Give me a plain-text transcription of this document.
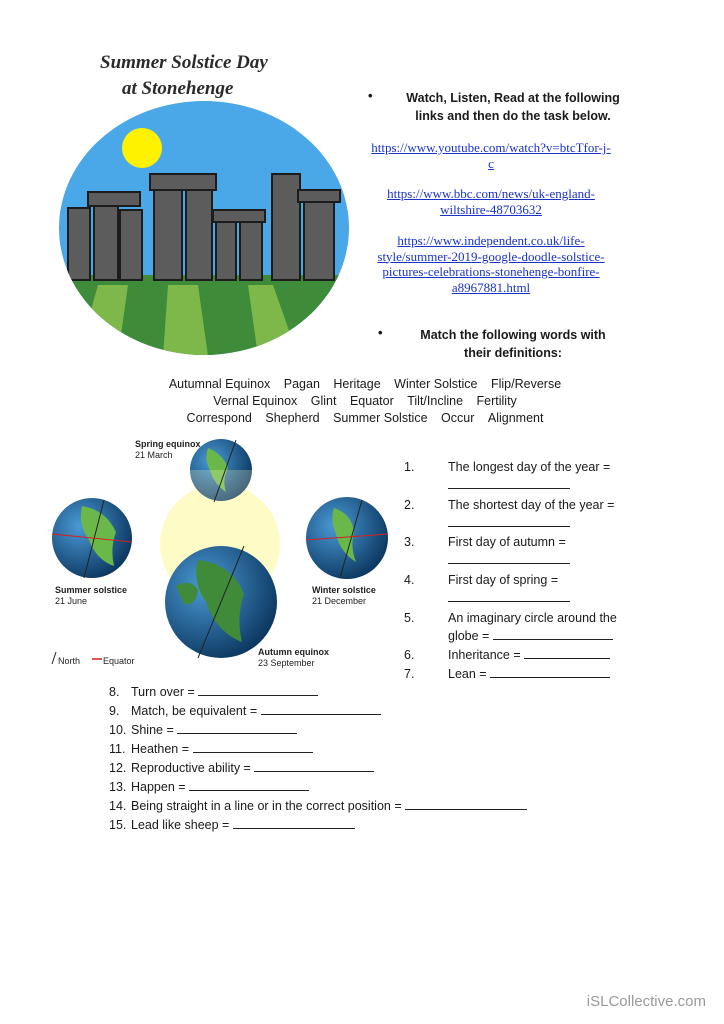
Summer Solstice Day
at Stonehenge	•	Watch, Listen, Read at the following
links and then do the task below.
https://www.youtube.com/watch?v=btcTfor-j-
c
https://www.bbc.com/news/uk-england-
wiltshire-48703632
https://www.independent.co.uk/life-
style/summer-2019-google-doodle-solstice-
pictures-celebrations-stonehenge-bonfire-
a8967881.html
•	Match the following words with
their definitions:
Autumnal Equinox Pagan Heritage Winter Solstice Flip/Reverse
Vernal Equinox Glint Equator Tilt/Incline Fertility
Correspond Shepherd Summer Solstice Occur Alignment
Spring equinox
21 March
Summer solstice
21 June
Winter solstice
21 December
Autumn equinox
23 September
North	Equator
1.	The longest day of the year =

2.	The shortest day of the year =

3.	First day of autumn =

4.	First day of spring =

5.	An imaginary circle around the
globe =
6.	Inheritance =
7.	Lean =
8. Turn over =
9. Match, be equivalent =
10. Shine =
11. Heathen =
12. Reproductive ability =
13. Happen =
14. Being straight in a line or in the correct position =
15. Lead like sheep =
iSLCollective.com
